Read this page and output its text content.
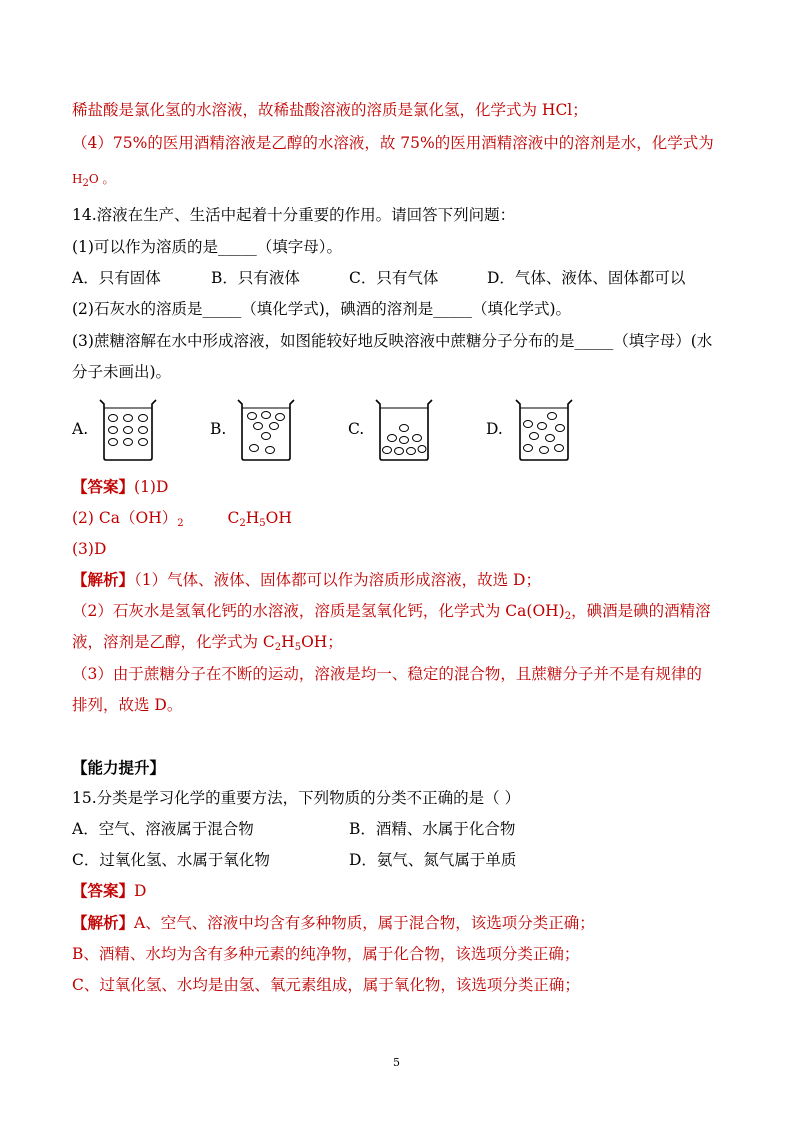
稀盐酸是氯化氢的水溶液，故稀盐酸溶液的溶质是氯化氢，化学式为 HCl；
（4）75%的医用酒精溶液是乙醇的水溶液，故 75%的医用酒精溶液中的溶剂是水，化学式为
$H_2O$ 。
14.溶液在生产、生活中起着十分重要的作用。请回答下列问题：
(1)可以作为溶质的是_____（填字母）。
A．只有固体	B．只有液体	C．只有气体	D．气体、液体、固体都可以
(2)石灰水的溶质是_____（填化学式)，碘酒的溶剂是_____（填化学式)。
(3)蔗糖溶解在水中形成溶液，如图能较好地反映溶液中蔗糖分子分布的是_____（填字母）(水
分子未画出)。
A.	B.	C.	D.
【答案】(1)D
(2) $Ca(OH)_2$	$C_2H_5OH$
(3)D
【解析】（1）气体、液体、固体都可以作为溶质形成溶液，故选 D；
（2）石灰水是氢氧化钙的水溶液，溶质是氢氧化钙，化学式为 $Ca(OH)_2$，碘酒是碘的酒精溶
液，溶剂是乙醇，化学式为 $C_2H_5OH$；
（3）由于蔗糖分子在不断的运动，溶液是均一、稳定的混合物，且蔗糖分子并不是有规律的
排列，故选 D。
【能力提升】
15.分类是学习化学的重要方法，下列物质的分类不正确的是（ ）
A．空气、溶液属于混合物	B．酒精、水属于化合物
C．过氧化氢、水属于氧化物	D．氨气、氮气属于单质
【答案】D
【解析】A、空气、溶液中均含有多种物质，属于混合物，该选项分类正确；
B、酒精、水均为含有多种元素的纯净物，属于化合物，该选项分类正确；
C、过氧化氢、水均是由氢、氧元素组成，属于氧化物，该选项分类正确；
5
